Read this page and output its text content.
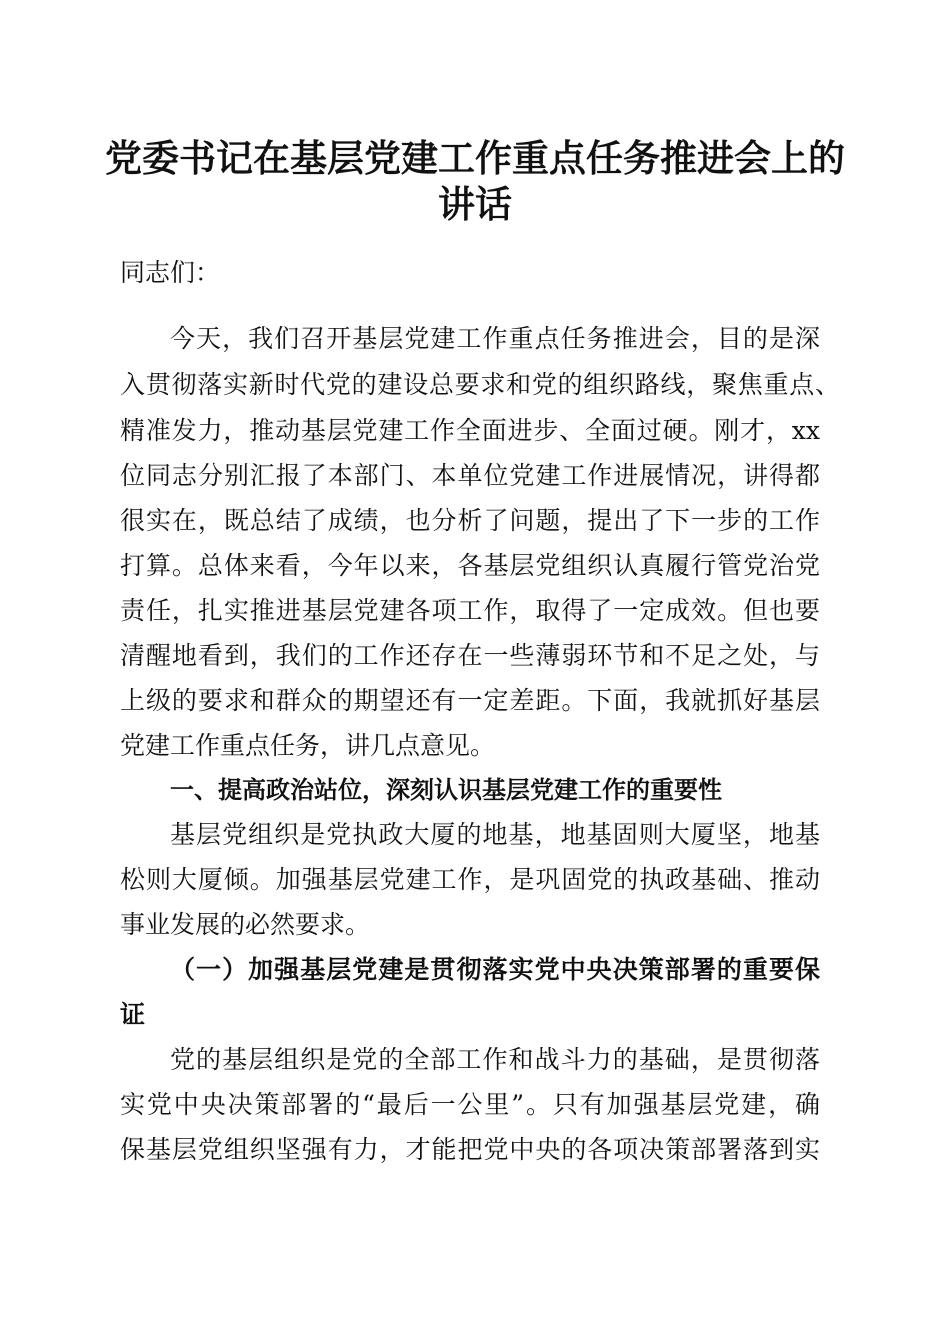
党委书记在基层党建工作重点任务推进会上的
讲话

同志们：

今天，我们召开基层党建工作重点任务推进会，目的是深

入贯彻落实新时代党的建设总要求和党的组织路线，聚焦重点、

精准发力，推动基层党建工作全面进步、全面过硬。刚才，xx

位同志分别汇报了本部门、本单位党建工作进展情况，讲得都

很实在，既总结了成绩，也分析了问题，提出了下一步的工作

打算。总体来看，今年以来，各基层党组织认真履行管党治党

责任，扎实推进基层党建各项工作，取得了一定成效。但也要

清醒地看到，我们的工作还存在一些薄弱环节和不足之处，与

上级的要求和群众的期望还有一定差距。下面，我就抓好基层

党建工作重点任务，讲几点意见。

一、提高政治站位，深刻认识基层党建工作的重要性

基层党组织是党执政大厦的地基，地基固则大厦坚，地基

松则大厦倾。加强基层党建工作，是巩固党的执政基础、推动

事业发展的必然要求。

（一）加强基层党建是贯彻落实党中央决策部署的重要保

证

党的基层组织是党的全部工作和战斗力的基础，是贯彻落

实党中央决策部署的“最后一公里”。只有加强基层党建，确

保基层党组织坚强有力，才能把党中央的各项决策部署落到实
